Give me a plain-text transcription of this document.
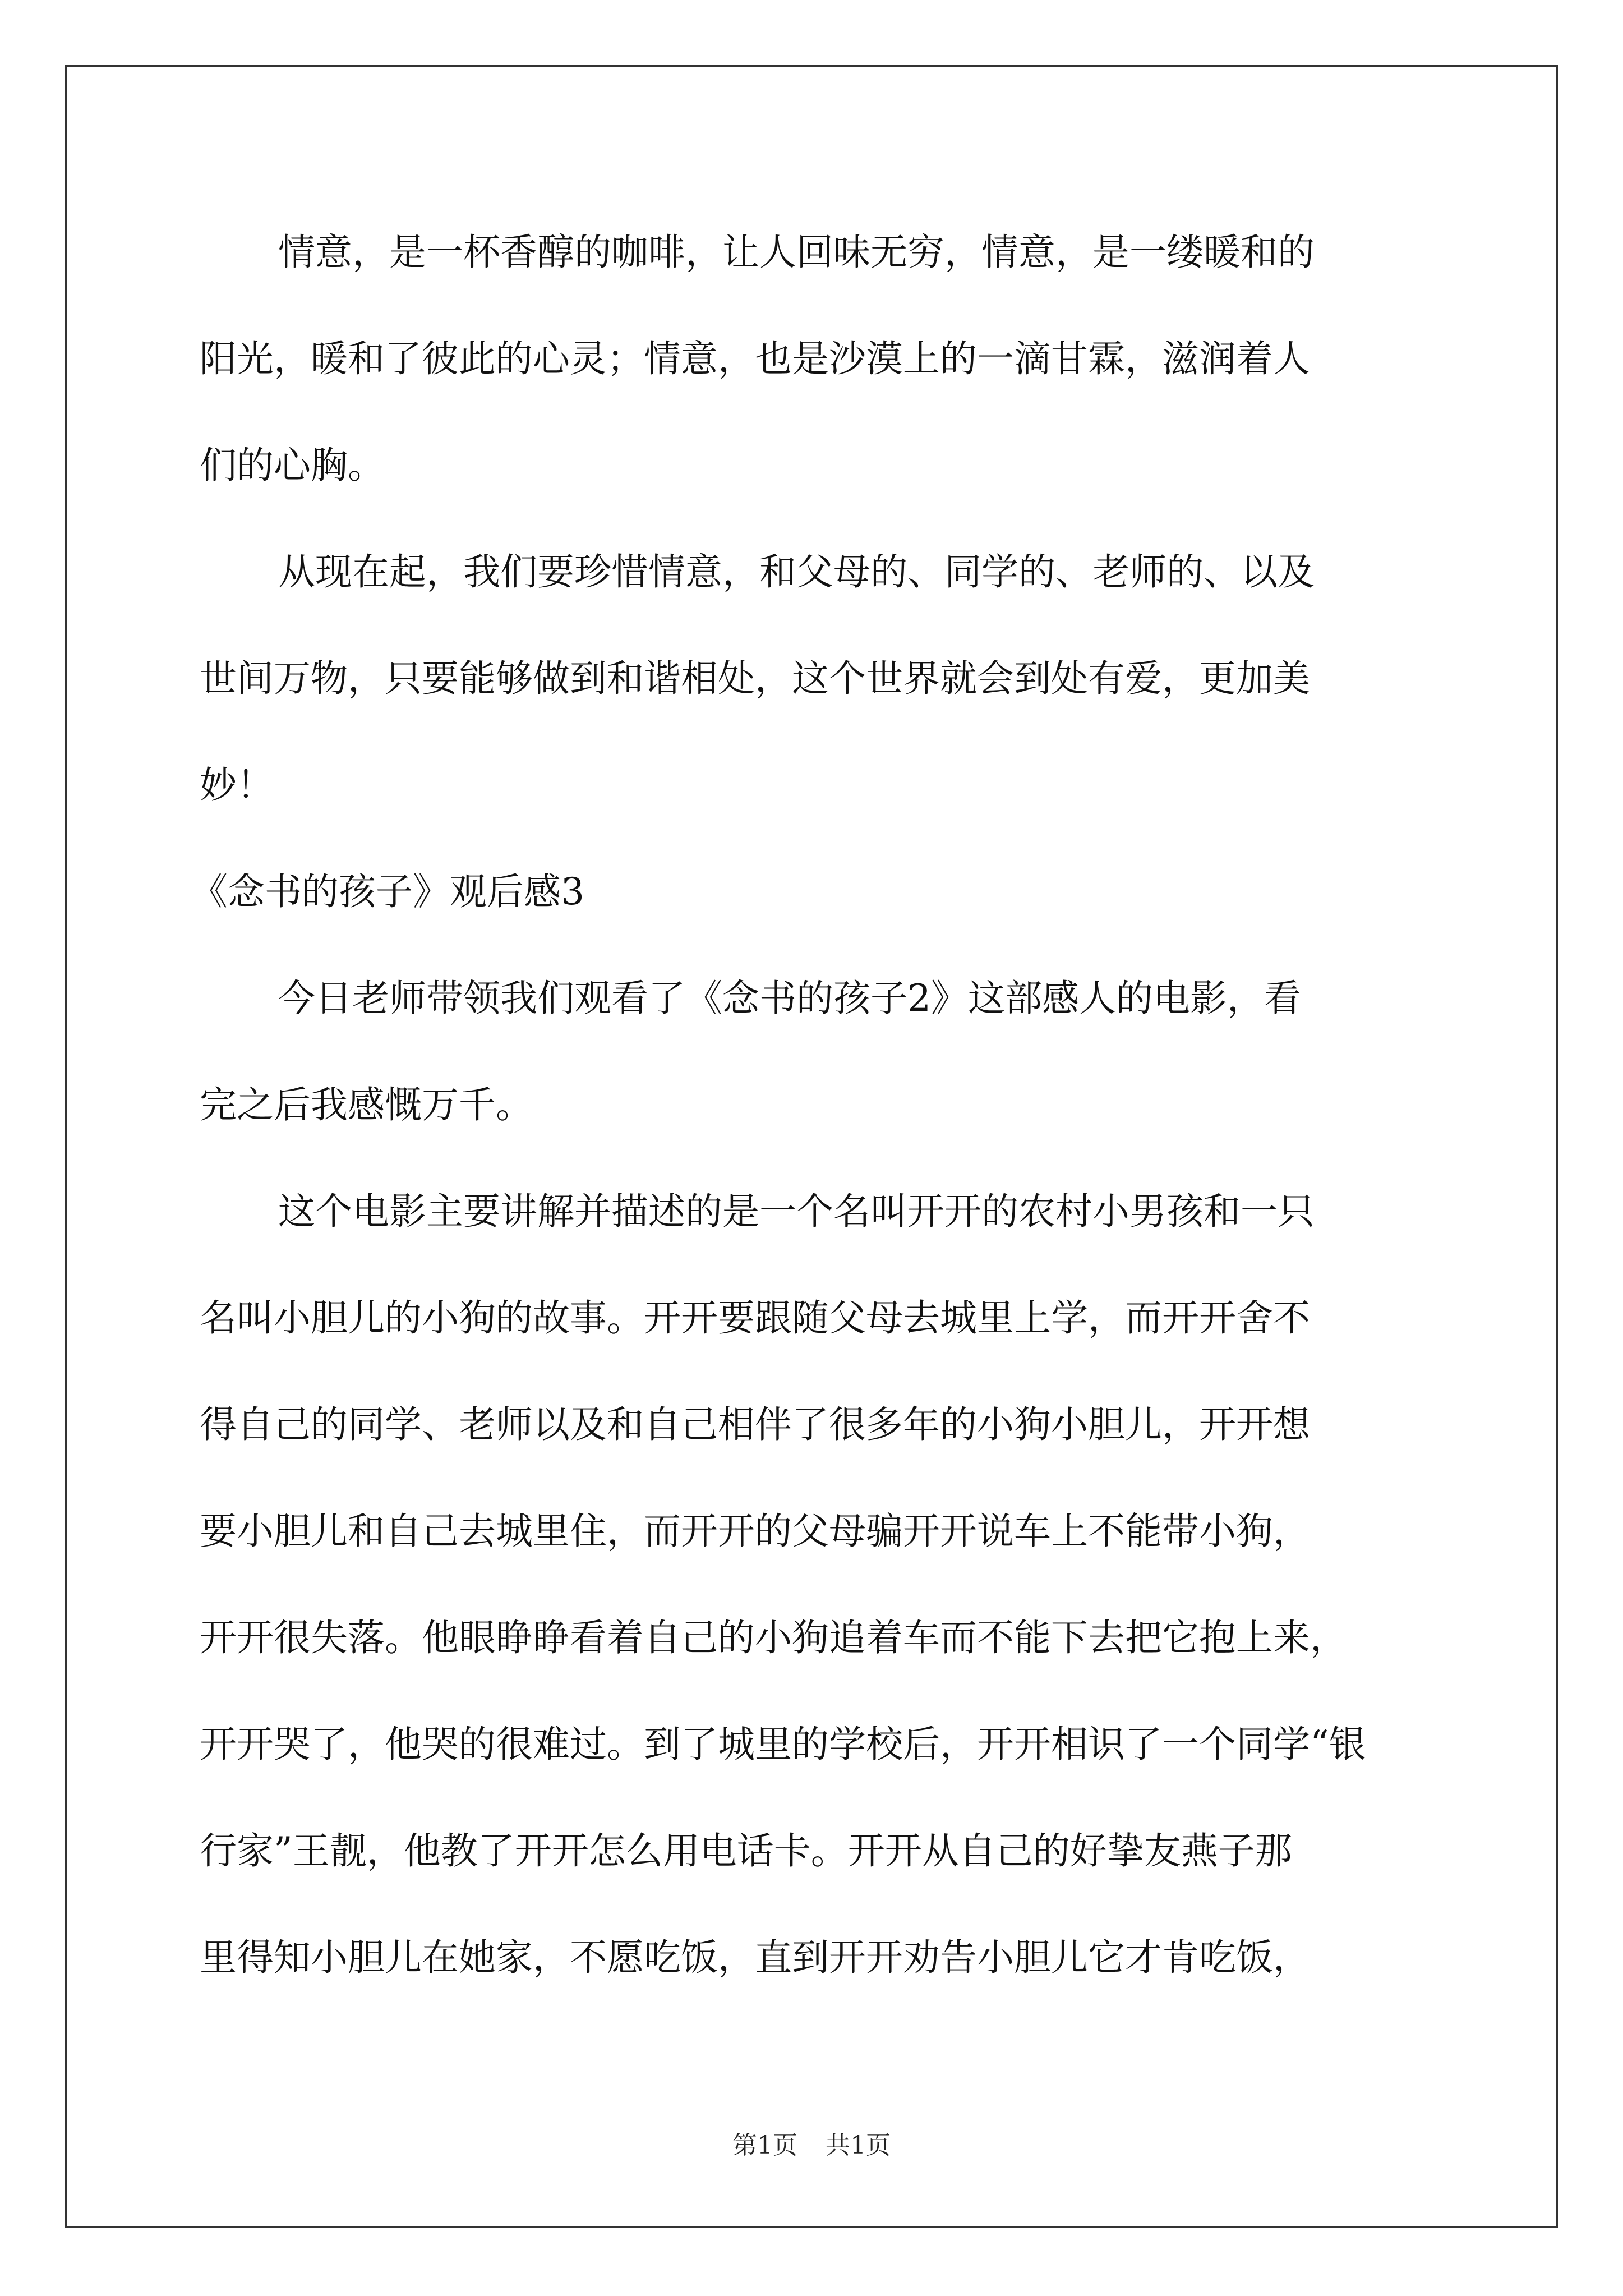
情意，是一杯香醇的咖啡，让人回味无穷，情意，是一缕暖和的
阳光，暖和了彼此的心灵；情意，也是沙漠上的一滴甘霖，滋润着人
们的心胸。
从现在起，我们要珍惜情意，和父母的、同学的、老师的、以及
世间万物，只要能够做到和谐相处，这个世界就会到处有爱，更加美
妙！
《念书的孩子》观后感3
今日老师带领我们观看了《念书的孩子2》这部感人的电影，看
完之后我感慨万千。
这个电影主要讲解并描述的是一个名叫开开的农村小男孩和一只
名叫小胆儿的小狗的故事。开开要跟随父母去城里上学，而开开舍不
得自己的同学、老师以及和自己相伴了很多年的小狗小胆儿，开开想
要小胆儿和自己去城里住，而开开的父母骗开开说车上不能带小狗，
开开很失落。他眼睁睁看着自己的小狗追着车而不能下去把它抱上来，
开开哭了，他哭的很难过。到了城里的学校后，开开相识了一个同学“银
行家”王靓，他教了开开怎么用电话卡。开开从自己的好挚友燕子那
里得知小胆儿在她家，不愿吃饭，直到开开劝告小胆儿它才肯吃饭，
第1页 共1页
